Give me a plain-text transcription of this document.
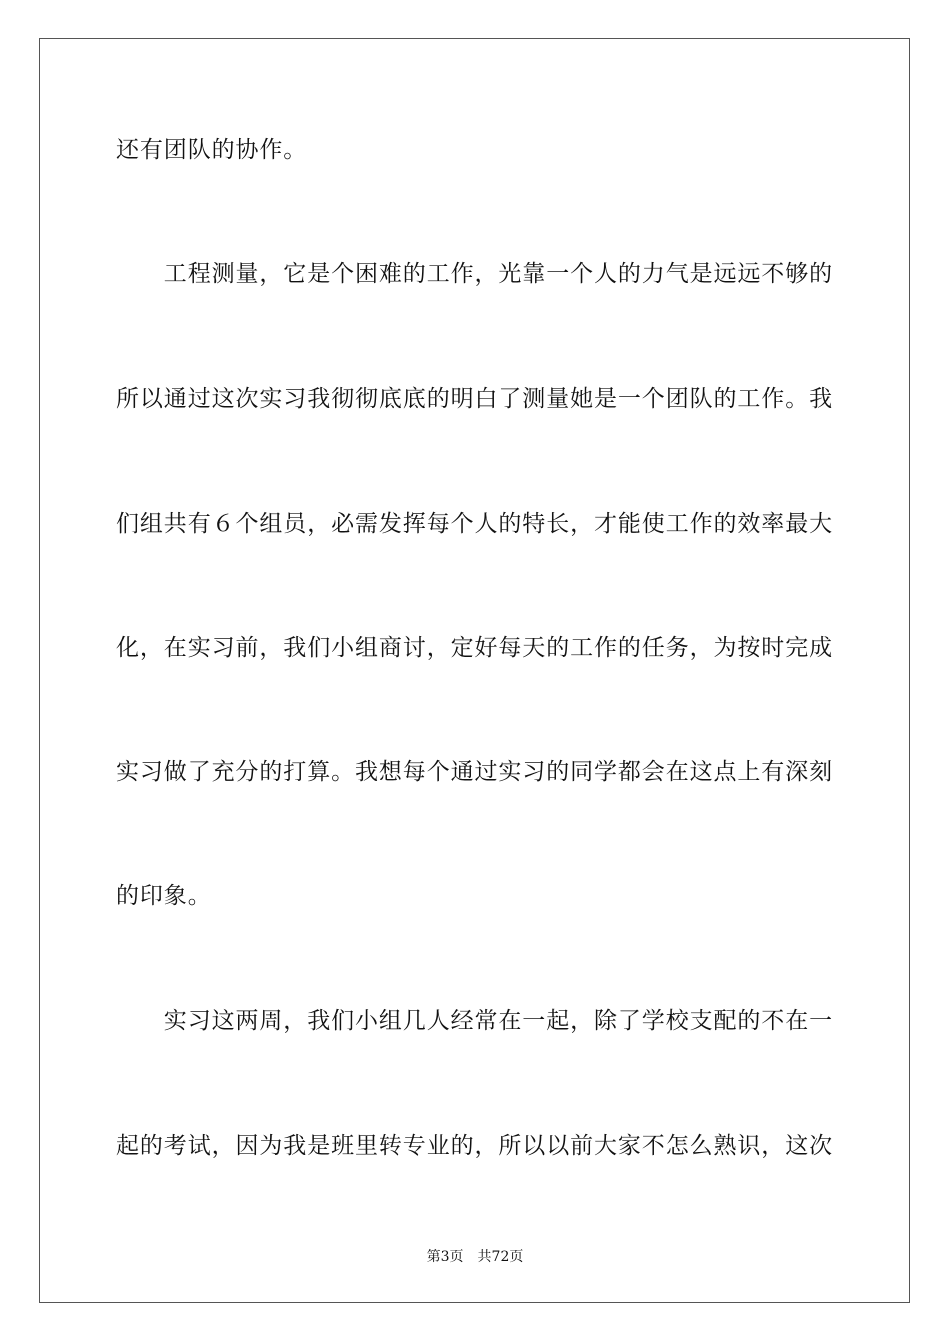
还有团队的协作。
　　工程测量，它是个困难的工作，光靠一个人的力气是远远不够的
所以通过这次实习我彻彻底底的明白了测量她是一个团队的工作。我
们组共有６个组员，必需发挥每个人的特长，才能使工作的效率最大
化，在实习前，我们小组商讨，定好每天的工作的任务，为按时完成
实习做了充分的打算。我想每个通过实习的同学都会在这点上有深刻
的印象。
　　实习这两周，我们小组几人经常在一起，除了学校支配的不在一
起的考试，因为我是班里转专业的，所以以前大家不怎么熟识，这次
第3页　共72页
